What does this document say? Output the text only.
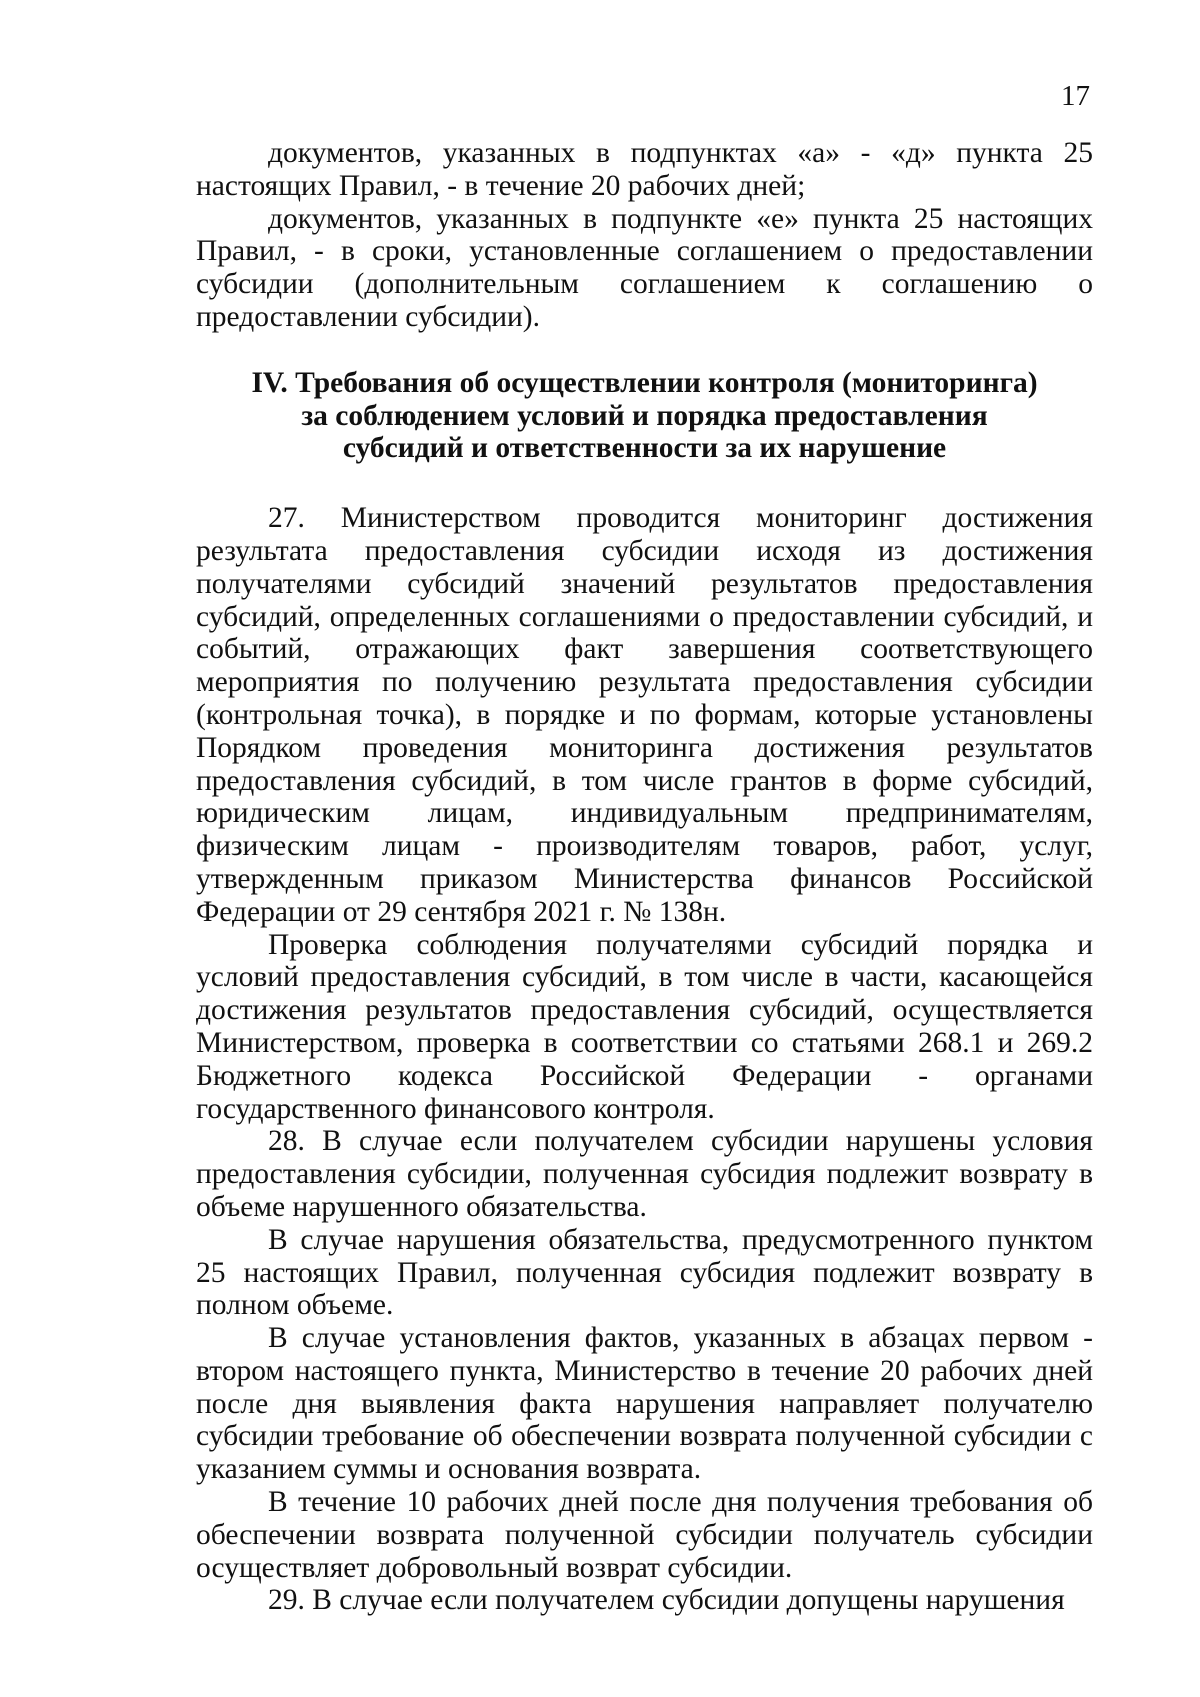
17

документов, указанных в подпунктах «а» - «д» пункта 25 настоящих Правил, - в течение 20 рабочих дней;

документов, указанных в подпункте «е» пункта 25 настоящих Правил, - в сроки, установленные соглашением о предоставлении субсидии (дополнительным соглашением к соглашению о предоставлении субсидии).

IV. Требования об осуществлении контроля (мониторинга)
за соблюдением условий и порядка предоставления
субсидий и ответственности за их нарушение

27. Министерством проводится мониторинг достижения результата предоставления субсидии исходя из достижения получателями субсидий значений результатов предоставления субсидий, определенных соглашениями о предоставлении субсидий, и событий, отражающих факт завершения соответствующего мероприятия по получению результата предоставления субсидии (контрольная точка), в порядке и по формам, которые установлены Порядком проведения мониторинга достижения результатов предоставления субсидий, в том числе грантов в форме субсидий, юридическим лицам, индивидуальным предпринимателям, физическим лицам - производителям товаров, работ, услуг, утвержденным приказом Министерства финансов Российской Федерации от 29 сентября 2021 г. № 138н.

Проверка соблюдения получателями субсидий порядка и условий предоставления субсидий, в том числе в части, касающейся достижения результатов предоставления субсидий, осуществляется Министерством, проверка в соответствии со статьями 268.1 и 269.2 Бюджетного кодекса Российской Федерации - органами государственного финансового контроля.

28. В случае если получателем субсидии нарушены условия предоставления субсидии, полученная субсидия подлежит возврату в объеме нарушенного обязательства.

В случае нарушения обязательства, предусмотренного пунктом 25 настоящих Правил, полученная субсидия подлежит возврату в полном объеме.

В случае установления фактов, указанных в абзацах первом - втором настоящего пункта, Министерство в течение 20 рабочих дней после дня выявления факта нарушения направляет получателю субсидии требование об обеспечении возврата полученной субсидии с указанием суммы и основания возврата.

В течение 10 рабочих дней после дня получения требования об обеспечении возврата полученной субсидии получатель субсидии осуществляет добровольный возврат субсидии.

29. В случае если получателем субсидии допущены нарушения
